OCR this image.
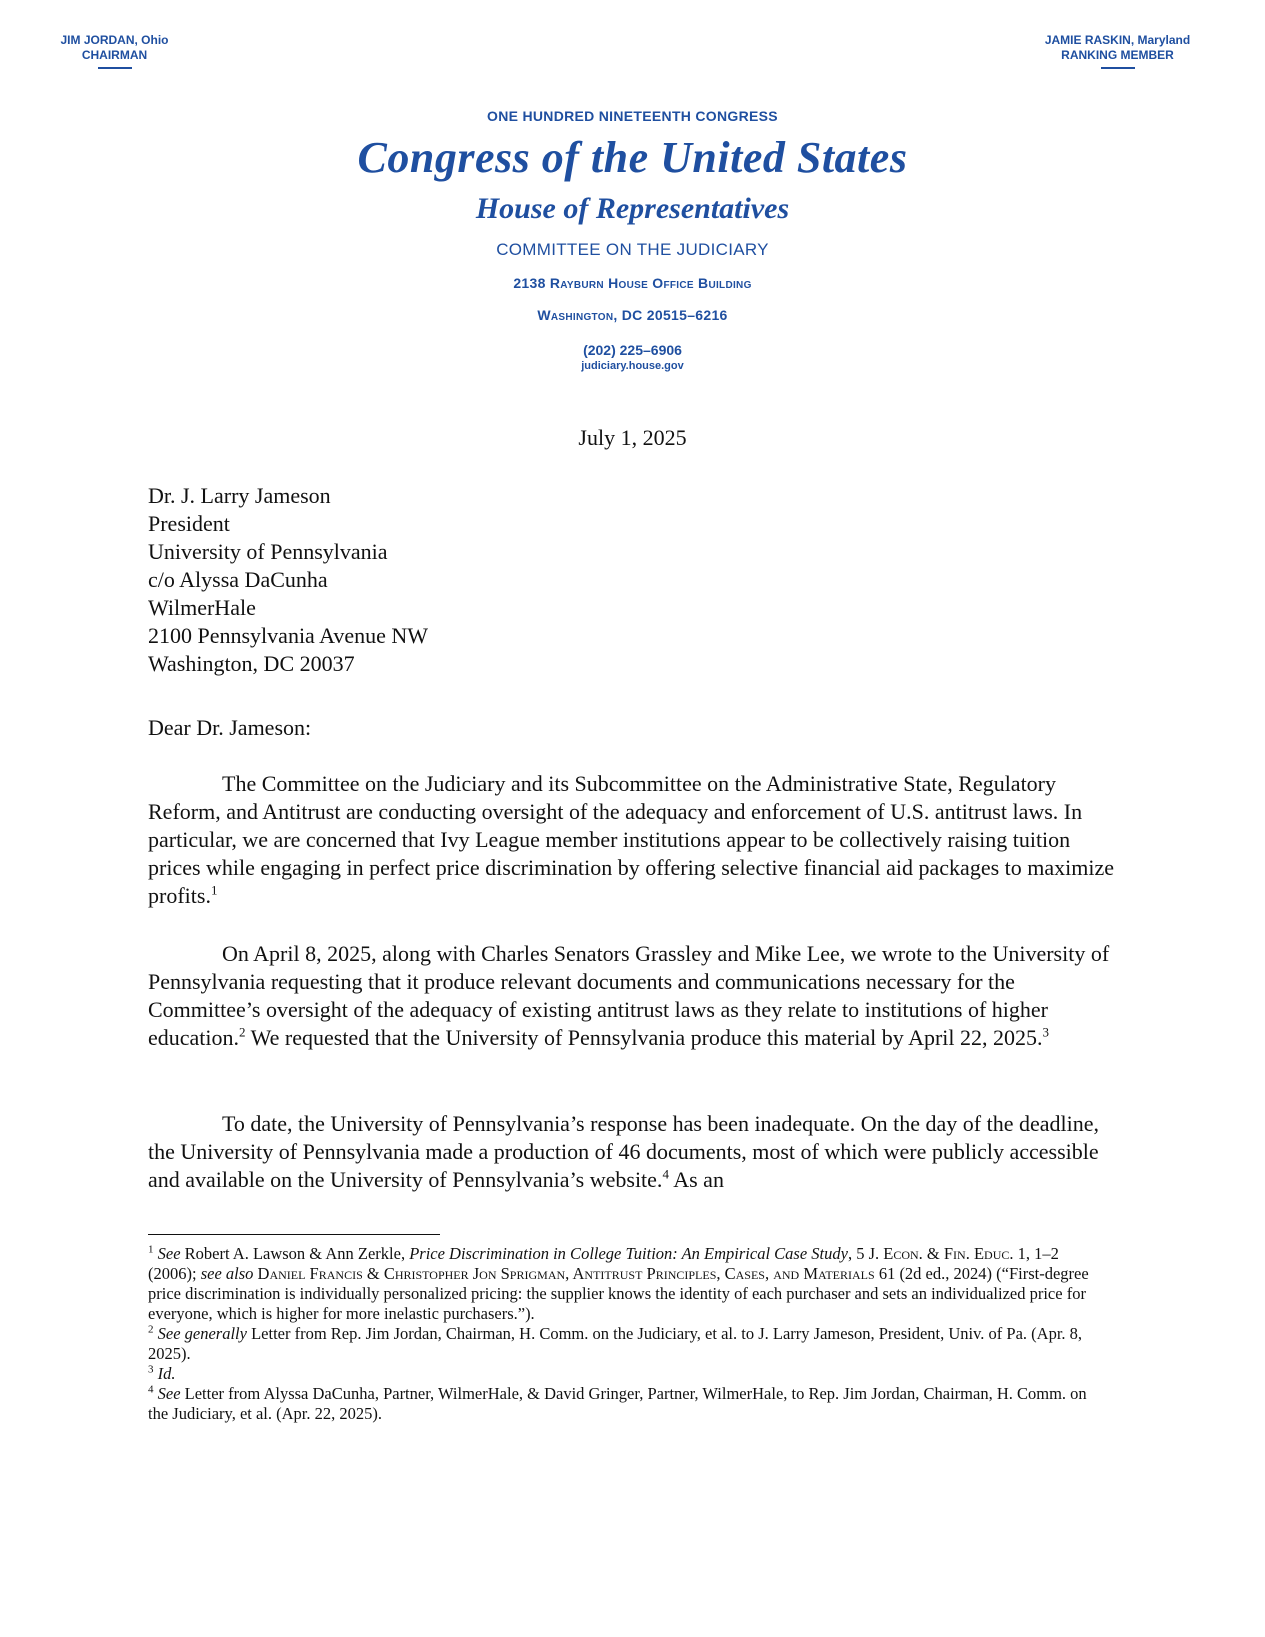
JIM JORDAN, Ohio
CHAIRMAN
JAMIE RASKIN, Maryland
RANKING MEMBER
ONE HUNDRED NINETEENTH CONGRESS
Congress of the United States
House of Representatives
COMMITTEE ON THE JUDICIARY
2138 Rayburn House Office Building
Washington, DC 20515–6216
(202) 225–6906
judiciary.house.gov
July 1, 2025
Dr. J. Larry Jameson
President
University of Pennsylvania
c/o Alyssa DaCunha
WilmerHale
2100 Pennsylvania Avenue NW
Washington, DC 20037
Dear Dr. Jameson:

The Committee on the Judiciary and its Subcommittee on the Administrative State, Regulatory Reform, and Antitrust are conducting oversight of the adequacy and enforcement of U.S. antitrust laws. In particular, we are concerned that Ivy League member institutions appear to be collectively raising tuition prices while engaging in perfect price discrimination by offering selective financial aid packages to maximize profits.$^1$

On April 8, 2025, along with Charles Senators Grassley and Mike Lee, we wrote to the University of Pennsylvania requesting that it produce relevant documents and communications necessary for the Committee’s oversight of the adequacy of existing antitrust laws as they relate to institutions of higher education.$^2$ We requested that the University of Pennsylvania produce this material by April 22, 2025.$^3$

To date, the University of Pennsylvania’s response has been inadequate. On the day of the deadline, the University of Pennsylvania made a production of 46 documents, most of which were publicly accessible and available on the University of Pennsylvania’s website.$^4$ As an

$^1$ See Robert A. Lawson & Ann Zerkle, Price Discrimination in College Tuition: An Empirical Case Study, 5 J. Econ. & Fin. Educ. 1, 1–2 (2006); see also Daniel Francis & Christopher Jon Sprigman, Antitrust Principles, Cases, and Materials 61 (2d ed., 2024) (“First-degree price discrimination is individually personalized pricing: the supplier knows the identity of each purchaser and sets an individualized price for everyone, which is higher for more inelastic purchasers.”).

$^2$ See generally Letter from Rep. Jim Jordan, Chairman, H. Comm. on the Judiciary, et al. to J. Larry Jameson, President, Univ. of Pa. (Apr. 8, 2025).

$^3$ Id.

$^4$ See Letter from Alyssa DaCunha, Partner, WilmerHale, & David Gringer, Partner, WilmerHale, to Rep. Jim Jordan, Chairman, H. Comm. on the Judiciary, et al. (Apr. 22, 2025).
